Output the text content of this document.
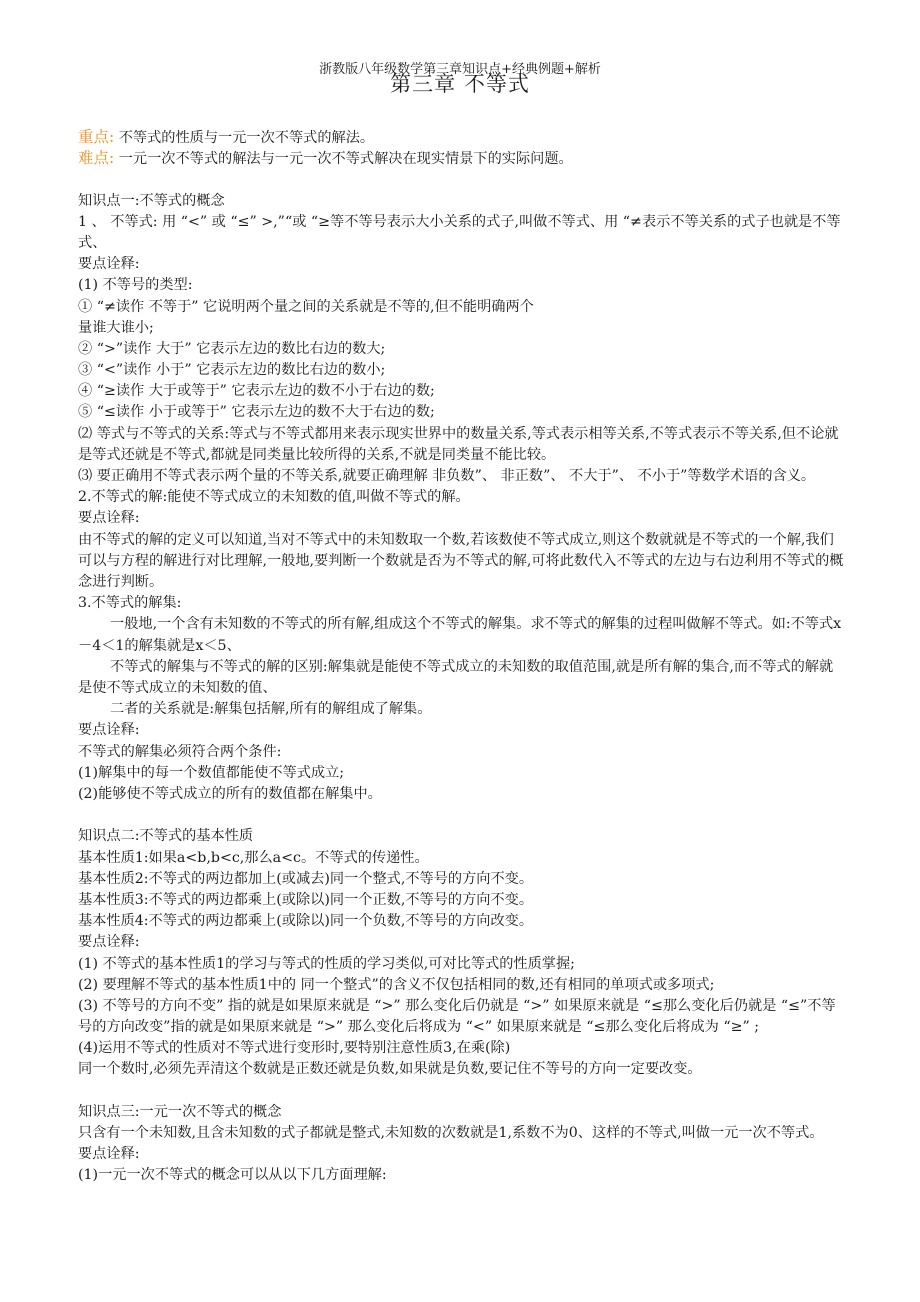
浙教版八年级数学第三章知识点+经典例题+解析
第三章 不等式
重点: 不等式的性质与一元一次不等式的解法。
难点: 一元一次不等式的解法与一元一次不等式解决在现实情景下的实际问题。
知识点一:不等式的概念
1 、 不等式: 用 “<” 或 “≤” >,”“或 “≥等不等号表示大小关系的式子,叫做不等式、用 “≠表示不等关系的式子也就是不等式、
要点诠释:
(1) 不等号的类型:
① “≠读作 不等于” 它说明两个量之间的关系就是不等的,但不能明确两个
量谁大谁小;
② “>”读作 大于” 它表示左边的数比右边的数大;
③ “<”读作 小于” 它表示左边的数比右边的数小;
④ “≥读作 大于或等于” 它表示左边的数不小于右边的数;
⑤ “≤读作 小于或等于” 它表示左边的数不大于右边的数;
⑵ 等式与不等式的关系:等式与不等式都用来表示现实世界中的数量关系,等式表示相等关系,不等式表示不等关系,但不论就是等式还就是不等式,都就是同类量比较所得的关系,不就是同类量不能比较。
⑶ 要正确用不等式表示两个量的不等关系,就要正确理解 非负数”、 非正数”、 不大于”、 不小于”等数学术语的含义。
2.不等式的解:能使不等式成立的未知数的值,叫做不等式的解。
要点诠释:
由不等式的解的定义可以知道,当对不等式中的未知数取一个数,若该数使不等式成立,则这个数就就是不等式的一个解,我们可以与方程的解进行对比理解,一般地,要判断一个数就是否为不等式的解,可将此数代入不等式的左边与右边利用不等式的概念进行判断。
3.不等式的解集:
一般地,一个含有未知数的不等式的所有解,组成这个不等式的解集。求不等式的解集的过程叫做解不等式。如:不等式x－4＜1的解集就是x＜5、
不等式的解集与不等式的解的区别:解集就是能使不等式成立的未知数的取值范围,就是所有解的集合,而不等式的解就是使不等式成立的未知数的值、
二者的关系就是:解集包括解,所有的解组成了解集。
要点诠释:
不等式的解集必须符合两个条件:
(1)解集中的每一个数值都能使不等式成立;
(2)能够使不等式成立的所有的数值都在解集中。
知识点二:不等式的基本性质
基本性质1:如果a<b,b<c,那么a<c。不等式的传递性。
基本性质2:不等式的两边都加上(或减去)同一个整式,不等号的方向不变。
基本性质3:不等式的两边都乘上(或除以)同一个正数,不等号的方向不变。
基本性质4:不等式的两边都乘上(或除以)同一个负数,不等号的方向改变。
要点诠释:
(1) 不等式的基本性质1的学习与等式的性质的学习类似,可对比等式的性质掌握;
(2) 要理解不等式的基本性质1中的 同一个整式”的含义不仅包括相同的数,还有相同的单项式或多项式;
(3) 不等号的方向不变” 指的就是如果原来就是 “>” 那么变化后仍就是 “>” 如果原来就是 “≤那么变化后仍就是 “≤”不等号的方向改变”指的就是如果原来就是 “>” 那么变化后将成为 “<” 如果原来就是 “≤那么变化后将成为 “≥” ;
(4)运用不等式的性质对不等式进行变形时,要特别注意性质3,在乘(除)
同一个数时,必须先弄清这个数就是正数还就是负数,如果就是负数,要记住不等号的方向一定要改变。
知识点三:一元一次不等式的概念
只含有一个未知数,且含未知数的式子都就是整式,未知数的次数就是1,系数不为0、这样的不等式,叫做一元一次不等式。
要点诠释:
(1)一元一次不等式的概念可以从以下几方面理解:
